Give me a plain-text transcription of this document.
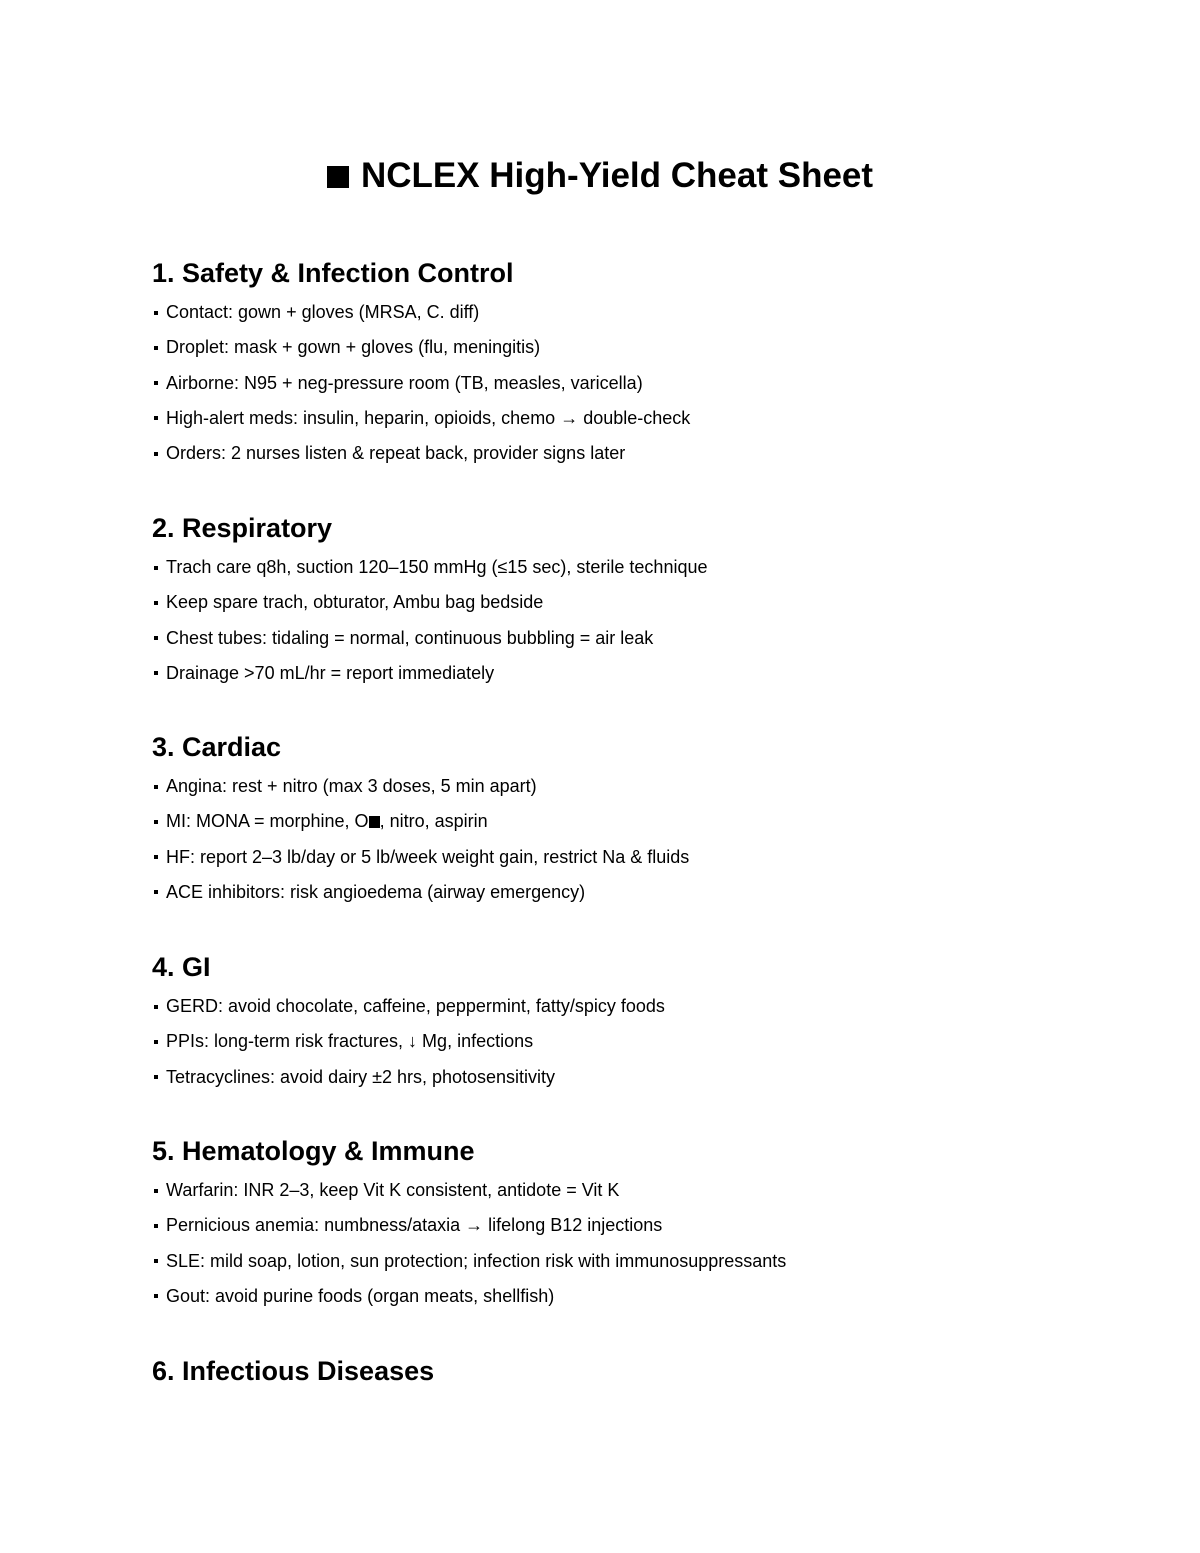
NCLEX High-Yield Cheat Sheet
1. Safety & Infection Control
Contact: gown + gloves (MRSA, C. diff)
Droplet: mask + gown + gloves (flu, meningitis)
Airborne: N95 + neg-pressure room (TB, measles, varicella)
High-alert meds: insulin, heparin, opioids, chemo → double-check
Orders: 2 nurses listen & repeat back, provider signs later
2. Respiratory
Trach care q8h, suction 120–150 mmHg (≤15 sec), sterile technique
Keep spare trach, obturator, Ambu bag bedside
Chest tubes: tidaling = normal, continuous bubbling = air leak
Drainage >70 mL/hr = report immediately
3. Cardiac
Angina: rest + nitro (max 3 doses, 5 min apart)
MI: MONA = morphine, O , nitro, aspirin
HF: report 2–3 lb/day or 5 lb/week weight gain, restrict Na & fluids
ACE inhibitors: risk angioedema (airway emergency)
4. GI
GERD: avoid chocolate, caffeine, peppermint, fatty/spicy foods
PPIs: long-term risk fractures, ↓ Mg, infections
Tetracyclines: avoid dairy ±2 hrs, photosensitivity
5. Hematology & Immune
Warfarin: INR 2–3, keep Vit K consistent, antidote = Vit K
Pernicious anemia: numbness/ataxia → lifelong B12 injections
SLE: mild soap, lotion, sun protection; infection risk with immunosuppressants
Gout: avoid purine foods (organ meats, shellfish)
6. Infectious Diseases
